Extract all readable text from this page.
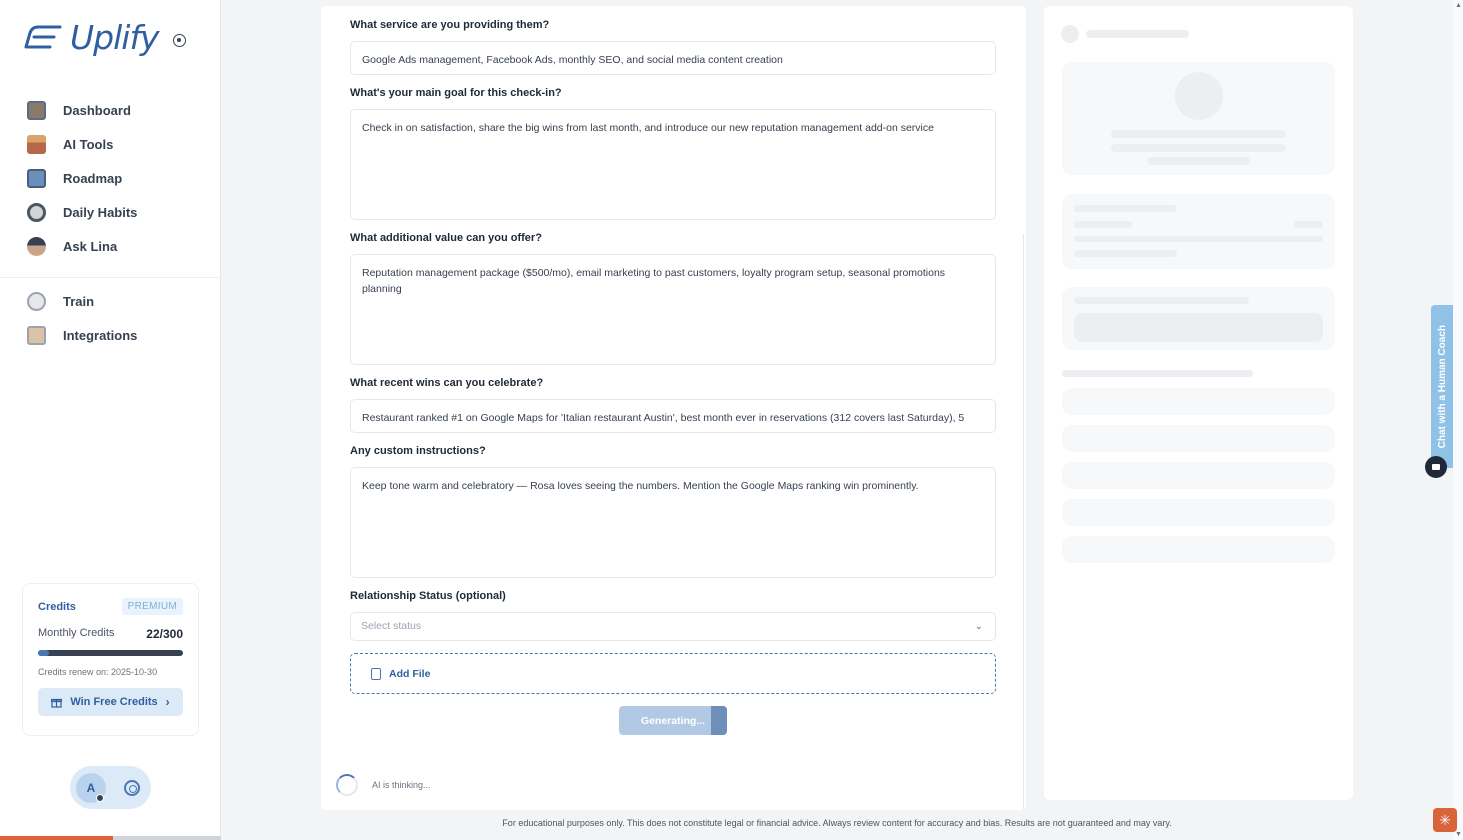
Uplify
Dashboard
AI Tools
Roadmap
Daily Habits
Ask Lina
Train
Integrations
Credits	PREMIUM
Monthly Credits	22/300
Credits renew on: 2025-10-30
Win Free Credits ›
A
What service are you providing them?
Google Ads management, Facebook Ads, monthly SEO, and social media content creation
What's your main goal for this check-in?
Check in on satisfaction, share the big wins from last month, and introduce our new reputation management add-on service
What additional value can you offer?
Reputation management package ($500/mo), email marketing to past customers, loyalty program setup, seasonal promotions planning
What recent wins can you celebrate?
Restaurant ranked #1 on Google Maps for 'Italian restaurant Austin', best month ever in reservations (312 covers last Saturday), 5
Any custom instructions?
Keep tone warm and celebratory — Rosa loves seeing the numbers. Mention the Google Maps ranking win prominently.
Relationship Status (optional)
Select status	⌄
Add File
Generating...
AI is thinking...
Chat with a Human Coach
▲
▼
For educational purposes only. This does not constitute legal or financial advice. Always review content for accuracy and bias. Results are not guaranteed and may vary.	✳
